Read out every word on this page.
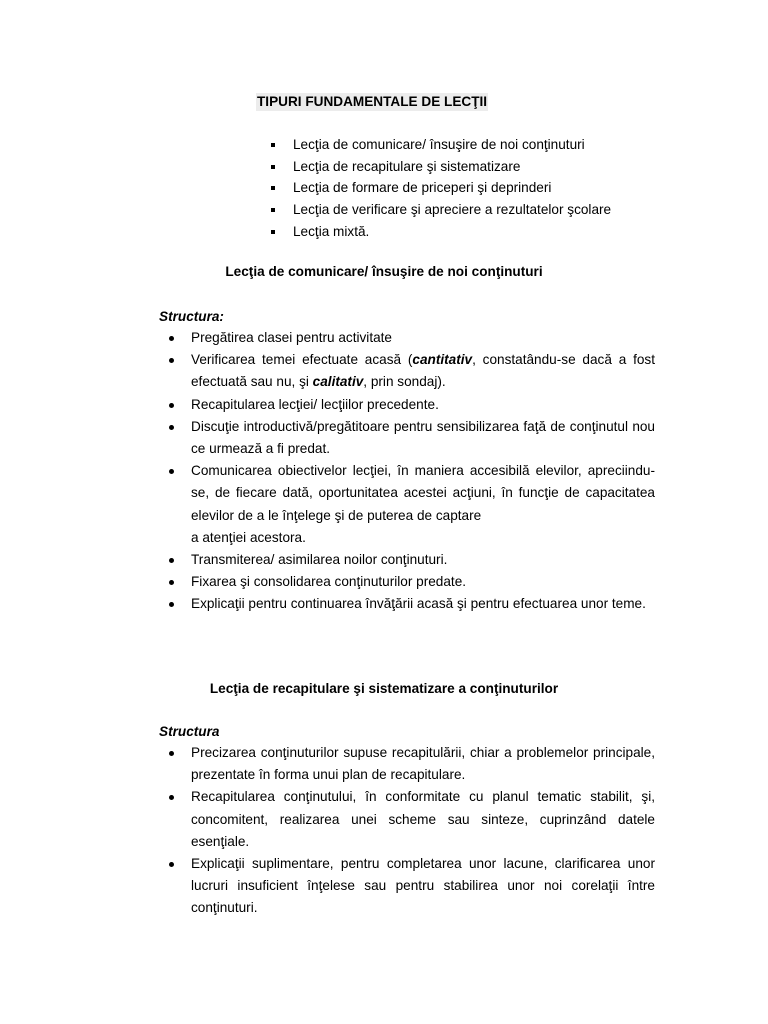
TIPURI FUNDAMENTALE DE LECŢII
Lecţia de comunicare/ însuşire de noi conţinuturi
Lecţia de recapitulare şi sistematizare
Lecţia de formare de priceperi şi deprinderi
Lecţia de verificare şi apreciere a rezultatelor şcolare
Lecţia mixtă.
Lecţia de comunicare/ însuşire de noi conţinuturi
Structura:
Pregătirea clasei pentru activitate
Verificarea temei efectuate acasă (cantitativ, constatându-se dacă a fost efectuată sau nu, şi calitativ, prin sondaj).
Recapitularea lecţiei/ lecţiilor precedente.
Discuţie introductivă/pregătitoare pentru sensibilizarea faţă de conţinutul nou ce urmează a fi predat.
Comunicarea obiectivelor lecţiei, în maniera accesibilă elevilor, apreciindu-se, de fiecare dată, oportunitatea acestei acţiuni, în funcţie de capacitatea elevilor de a le înţelege şi de puterea de captare
a atenţiei acestora.
Transmiterea/ asimilarea noilor conţinuturi.
Fixarea şi consolidarea conţinuturilor predate.
Explicaţii pentru continuarea învăţării acasă şi pentru efectuarea unor teme.
Lecţia de recapitulare şi sistematizare a conţinuturilor
Structura
Precizarea conţinuturilor supuse recapitulării, chiar a problemelor principale, prezentate în forma unui plan de recapitulare.
Recapitularea conţinutului, în conformitate cu planul tematic stabilit, şi, concomitent, realizarea unei scheme sau sinteze, cuprinzând datele esenţiale.
Explicaţii suplimentare, pentru completarea unor lacune, clarificarea unor lucruri insuficient înţelese sau pentru stabilirea unor noi corelaţii între conţinuturi.
